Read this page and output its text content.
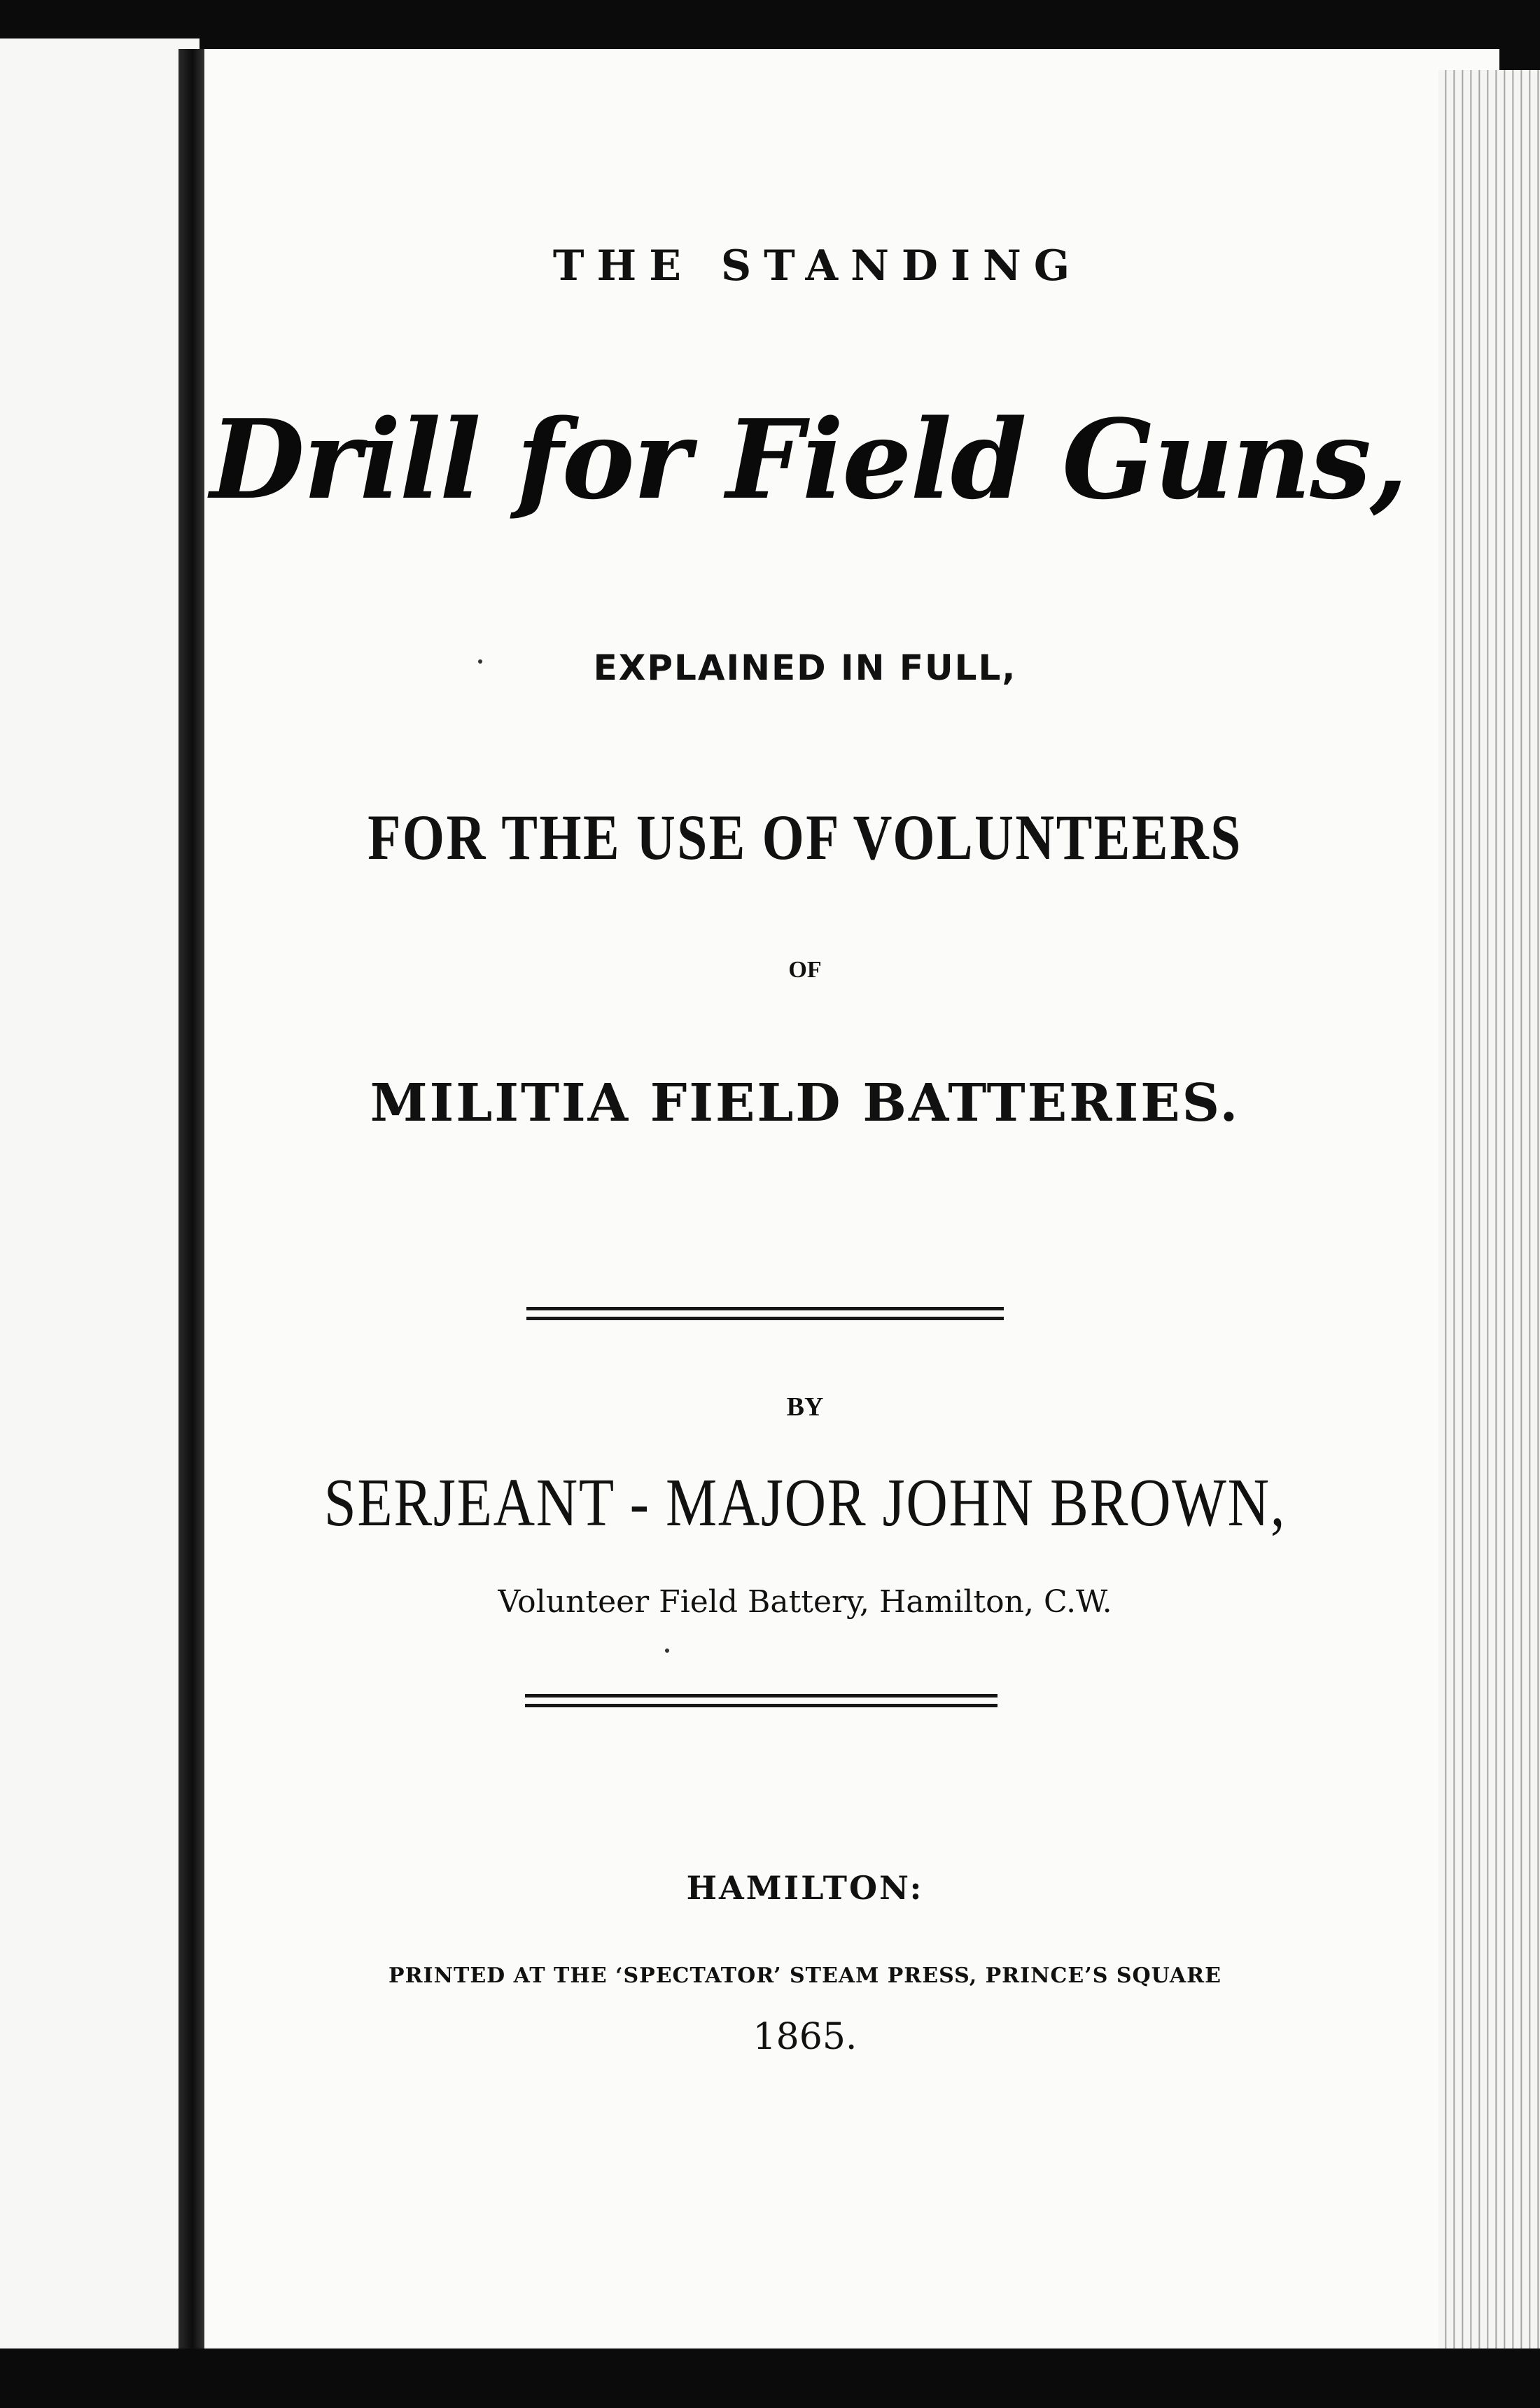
THE STANDING

Drill for Field Guns,

EXPLAINED IN FULL,

FOR THE USE OF VOLUNTEERS

OF

MILITIA FIELD BATTERIES.

BY

SERJEANT - MAJOR JOHN BROWN,

Volunteer Field Battery, Hamilton, C.W.

HAMILTON:

PRINTED AT THE ‘SPECTATOR’ STEAM PRESS, PRINCE’S SQUARE

1865.
